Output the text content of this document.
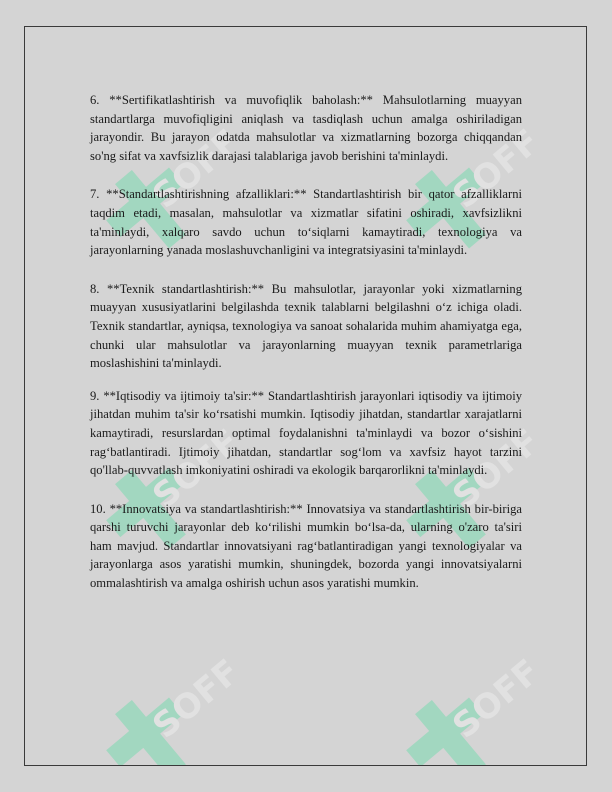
SOFF	SOFF
SOFF	SOFF
SOFF	SOFF

6. **Sertifikatlashtirish va muvofiqlik baholash:** Mahsulotlarning muayyan standartlarga muvofiqligini aniqlash va tasdiqlash uchun amalga oshiriladigan jarayondir. Bu jarayon odatda mahsulotlar va xizmatlarning bozorga chiqqandan so'ng sifat va xavfsizlik darajasi talablariga javob berishini ta'minlaydi.

7. **Standartlashtirishning afzalliklari:** Standartlashtirish bir qator afzalliklarni taqdim etadi, masalan, mahsulotlar va xizmatlar sifatini oshiradi, xavfsizlikni ta'minlaydi, xalqaro savdo uchun to‘siqlarni kamaytiradi, texnologiya va jarayonlarning yanada moslashuvchanligini va integratsiyasini ta'minlaydi.

8. **Texnik standartlashtirish:** Bu mahsulotlar, jarayonlar yoki xizmatlarning muayyan xususiyatlarini belgilashda texnik talablarni belgilashni o‘z ichiga oladi. Texnik standartlar, ayniqsa, texnologiya va sanoat sohalarida muhim ahamiyatga ega, chunki ular mahsulotlar va jarayonlarning muayyan texnik parametrlariga moslashishini ta'minlaydi.

9. **Iqtisodiy va ijtimoiy ta'sir:** Standartlashtirish jarayonlari iqtisodiy va ijtimoiy jihatdan muhim ta'sir ko‘rsatishi mumkin. Iqtisodiy jihatdan, standartlar xarajatlarni kamaytiradi, resurslardan optimal foydalanishni ta'minlaydi va bozor o‘sishini rag‘batlantiradi. Ijtimoiy jihatdan, standartlar sog‘lom va xavfsiz hayot tarzini qo'llab-quvvatlash imkoniyatini oshiradi va ekologik barqarorlikni ta'minlaydi.

10. **Innovatsiya va standartlashtirish:** Innovatsiya va standartlashtirish bir-biriga qarshi turuvchi jarayonlar deb ko‘rilishi mumkin bo‘lsa-da, ularning o'zaro ta'siri ham mavjud. Standartlar innovatsiyani rag‘batlantiradigan yangi texnologiyalar va jarayonlarga asos yaratishi mumkin, shuningdek, bozorda yangi innovatsiyalarni ommalashtirish va amalga oshirish uchun asos yaratishi mumkin.
